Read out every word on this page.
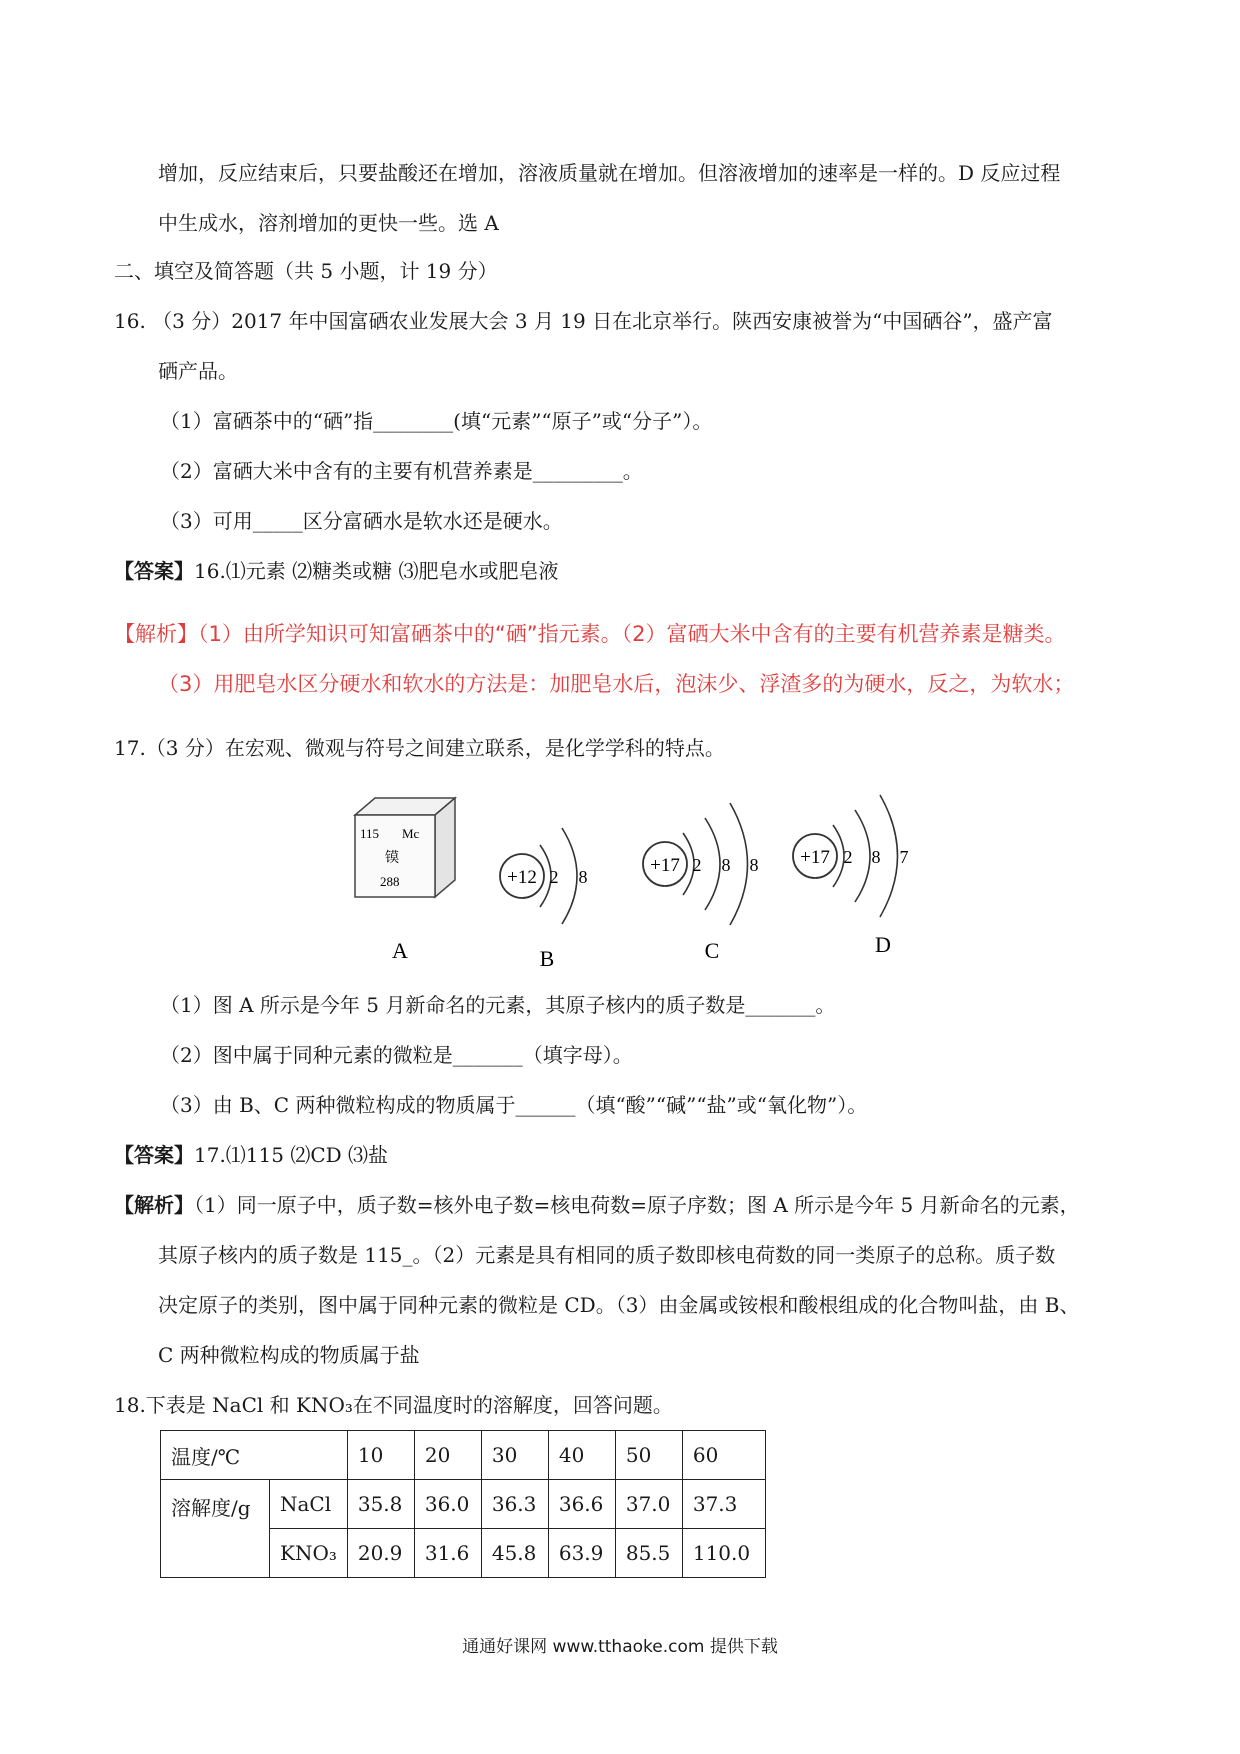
增加，反应结束后，只要盐酸还在增加，溶液质量就在增加。但溶液增加的速率是一样的。D 反应过程
中生成水，溶剂增加的更快一些。选 A
二、填空及简答题（共 5 小题，计 19 分）
16. （3 分）2017 年中国富硒农业发展大会 3 月 19 日在北京举行。陕西安康被誉为“中国硒谷”，盛产富
硒产品。
（1）富硒茶中的“硒”指________(填“元素”“原子”或“分子”）。
（2）富硒大米中含有的主要有机营养素是_________。
（3）可用_____区分富硒水是软水还是硬水。
【答案】16.⑴元素 ⑵糖类或糖 ⑶肥皂水或肥皂液
【解析】（1）由所学知识可知富硒茶中的“硒”指元素。（2）富硒大米中含有的主要有机营养素是糖类。
（3）用肥皂水区分硬水和软水的方法是：加肥皂水后，泡沫少、浮渣多的为硬水，反之，为软水；
17.（3 分）在宏观、微观与符号之间建立联系，是化学学科的特点。
115 Mc
镆
288	+12 2 8
+17 2 8 8 +17 2 8 7
A	B	C	D
（1）图 A 所示是今年 5 月新命名的元素，其原子核内的质子数是_______。
（2）图中属于同种元素的微粒是_______（填字母）。
（3）由 B、C 两种微粒构成的物质属于______（填“酸”“碱”“盐”或“氧化物”）。
【答案】17.⑴115 ⑵CD ⑶盐
【解析】（1）同一原子中，质子数=核外电子数=核电荷数=原子序数；图 A 所示是今年 5 月新命名的元素，
其原子核内的质子数是 115_。（2）元素是具有相同的质子数即核电荷数的同一类原子的总称。质子数
决定原子的类别，图中属于同种元素的微粒是 CD。（3）由金属或铵根和酸根组成的化合物叫盐，由 B、
C 两种微粒构成的物质属于盐
18.下表是 NaCl 和 KNO₃在不同温度时的溶解度，回答问题。
温度/℃		10	20	30	40	50	60
溶解度/g	NaCl	35.8	36.0	36.3	36.6	37.0	37.3
	KNO₃	20.9	31.6	45.8	63.9	85.5	110.0
通通好课网 www.tthaoke.com 提供下载
